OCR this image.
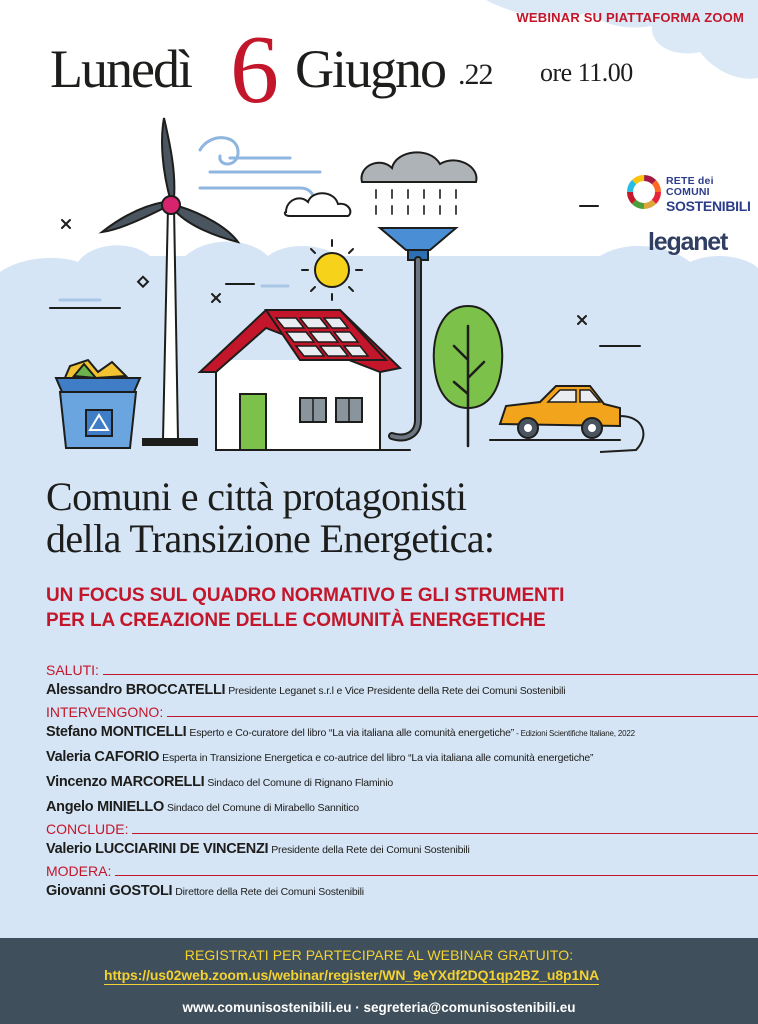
WEBINAR SU PIATTAFORMA ZOOM
Lunedì 6 Giugno .22 ore 11.00
RETE dei COMUNI
SOSTENIBILI
leganet
Comuni e città protagonisti
della Transizione Energetica:
UN FOCUS SUL QUADRO NORMATIVO E GLI STRUMENTI
PER LA CREAZIONE DELLE COMUNITÀ ENERGETICHE
SALUTI:
Alessandro BROCCATELLI Presidente Leganet s.r.l e Vice Presidente della Rete dei Comuni Sostenibili
INTERVENGONO:
Stefano MONTICELLI Esperto e Co-curatore del libro “La via italiana alle comunità energetiche” - Edizioni Scientifiche Italiane, 2022
Valeria CAFORIO Esperta in Transizione Energetica e co-autrice del libro “La via italiana alle comunità energetiche”
Vincenzo MARCORELLI Sindaco del Comune di Rignano Flaminio
Angelo MINIELLO Sindaco del Comune di Mirabello Sannitico
CONCLUDE:
Valerio LUCCIARINI DE VINCENZI Presidente della Rete dei Comuni Sostenibili
MODERA:
Giovanni GOSTOLI Direttore della Rete dei Comuni Sostenibili
REGISTRATI PER PARTECIPARE AL WEBINAR GRATUITO:
https://us02web.zoom.us/webinar/register/WN_9eYXdf2DQ1qp2BZ_u8p1NA
www.comunisostenibili.eu · segreteria@comunisostenibili.eu
